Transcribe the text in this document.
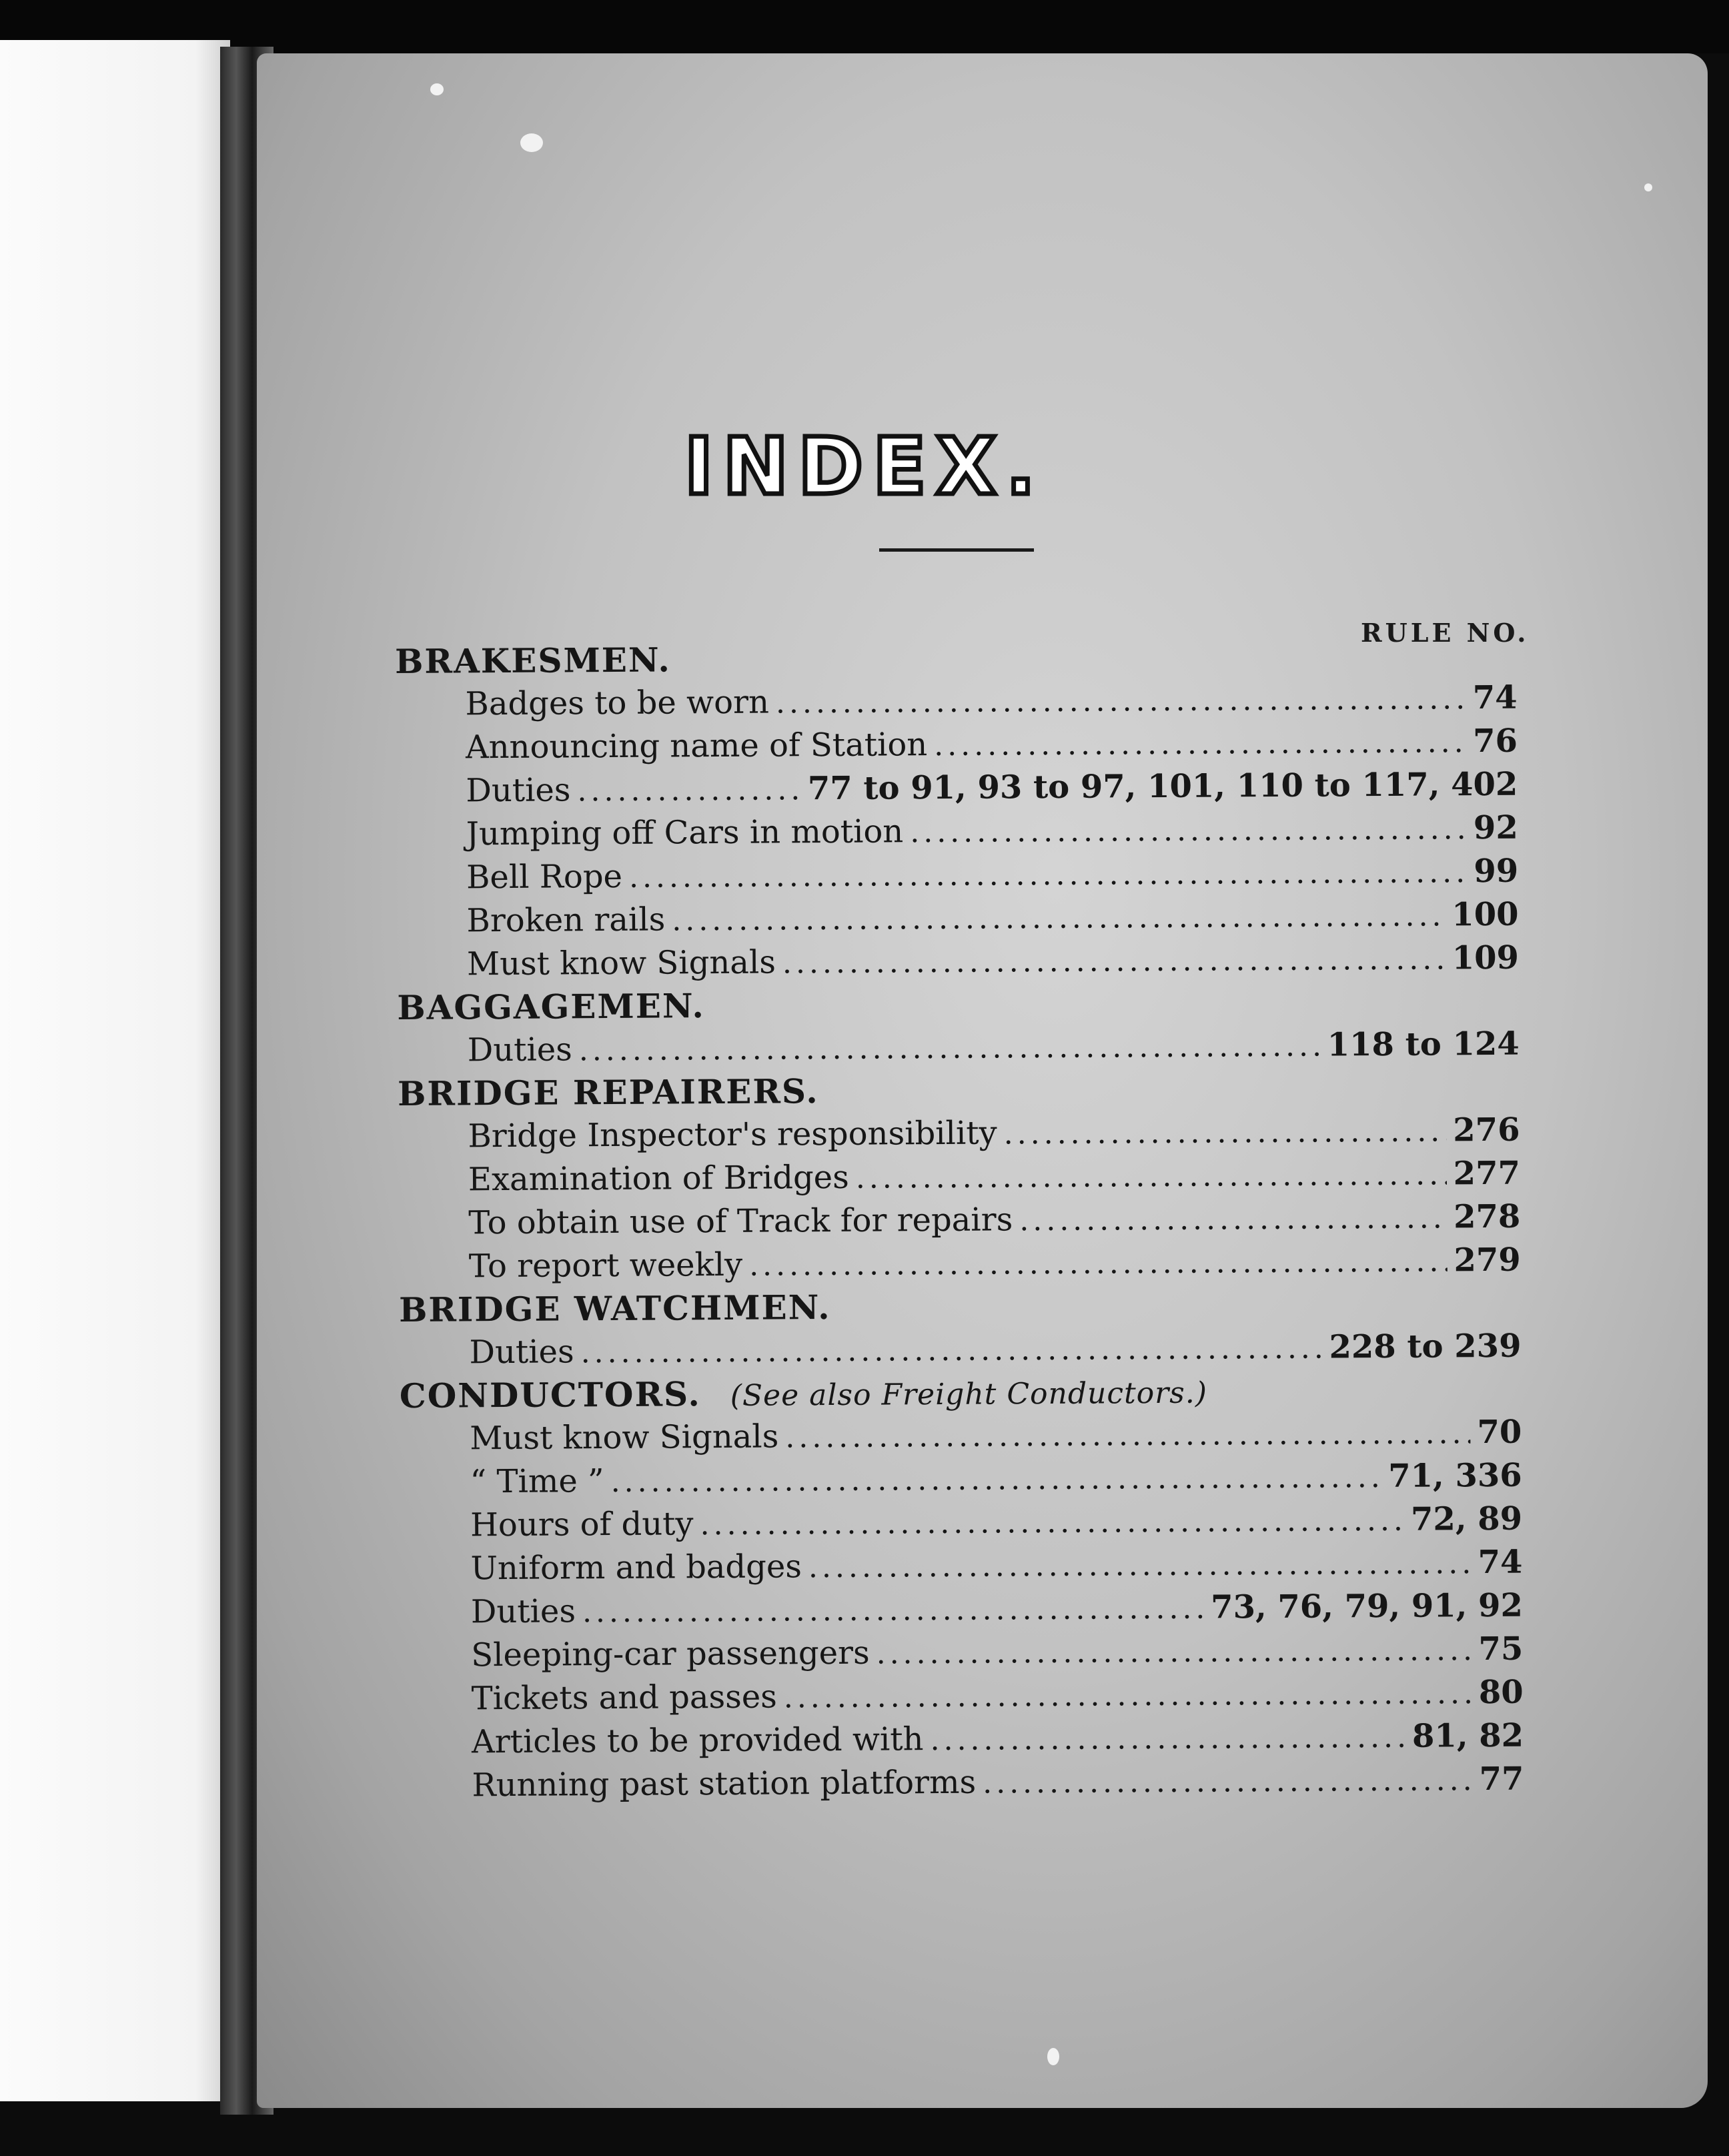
INDEX.
RULE NO.
BRAKESMEN.
Badges to be worn .....	74
Announcing name of Station .....	76
Duties .....	77 to 91, 93 to 97, 101, 110 to 117, 402
Jumping off Cars in motion .....	92
Bell Rope .....	99
Broken rails .....	100
Must know Signals .....	109
BAGGAGEMEN.
Duties .....	118 to 124
BRIDGE REPAIRERS.
Bridge Inspector's responsibility .....	276
Examination of Bridges .....	277
To obtain use of Track for repairs .....	278
To report weekly .....	279
BRIDGE WATCHMEN.
Duties .....	228 to 239
CONDUCTORS. (See also Freight Conductors.)
Must know Signals .....	70
“ Time ” .....	71, 336
Hours of duty .....	72, 89
Uniform and badges .....	74
Duties .....	73, 76, 79, 91, 92
Sleeping-car passengers .....	75
Tickets and passes .....	80
Articles to be provided with .....	81, 82
Running past station platforms .....	77
